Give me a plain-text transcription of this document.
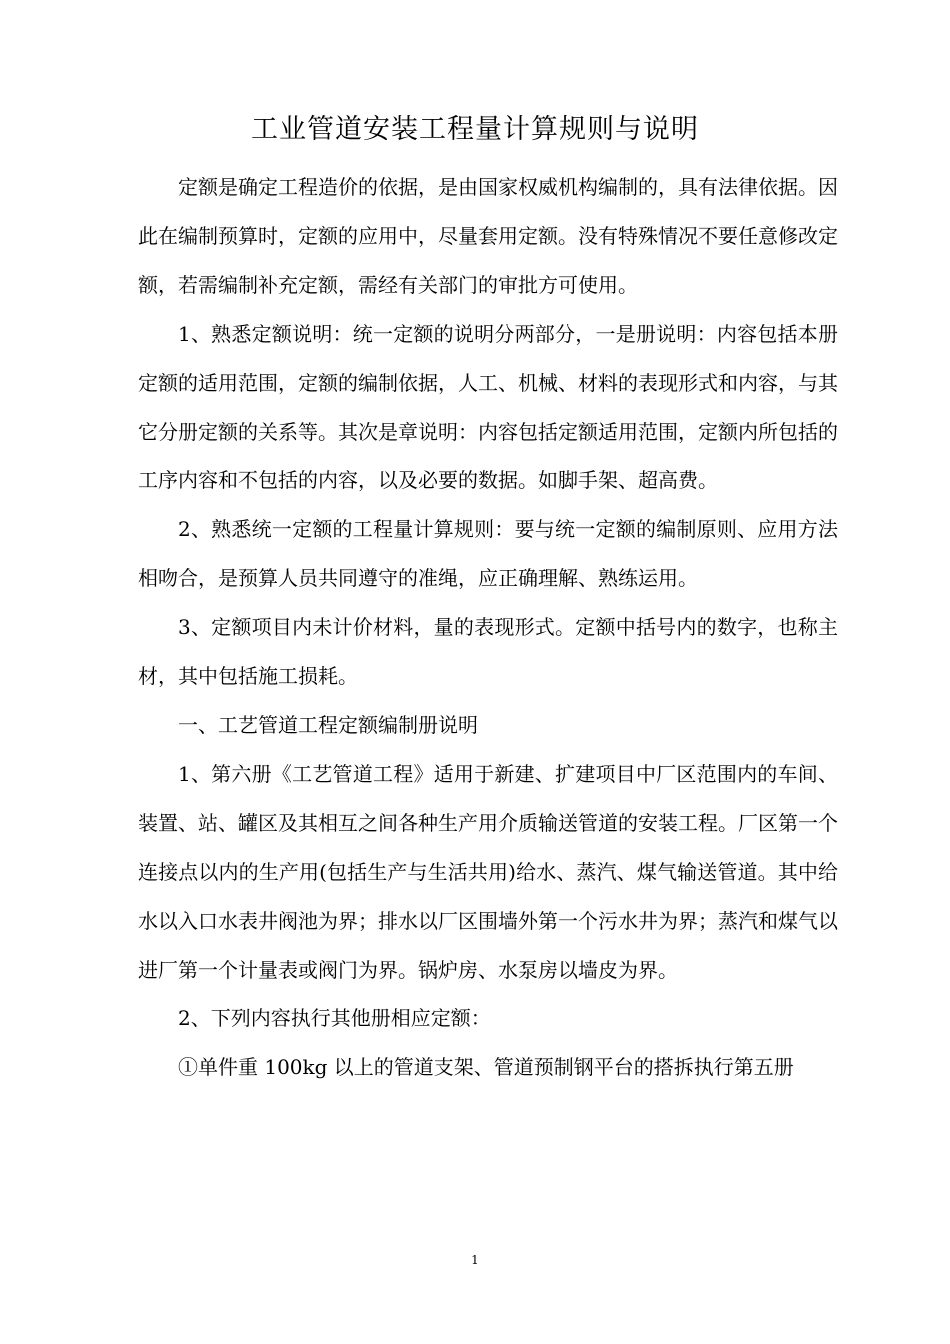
工业管道安装工程量计算规则与说明

定额是确定工程造价的依据，是由国家权威机构编制的，具有法律依据。因此在编制预算时，定额的应用中，尽量套用定额。没有特殊情况不要任意修改定额，若需编制补充定额，需经有关部门的审批方可使用。

1、熟悉定额说明：统一定额的说明分两部分，一是册说明：内容包括本册定额的适用范围，定额的编制依据，人工、机械、材料的表现形式和内容，与其它分册定额的关系等。其次是章说明：内容包括定额适用范围，定额内所包括的工序内容和不包括的内容，以及必要的数据。如脚手架、超高费。

2、熟悉统一定额的工程量计算规则：要与统一定额的编制原则、应用方法相吻合，是预算人员共同遵守的准绳，应正确理解、熟练运用。

3、定额项目内未计价材料，量的表现形式。定额中括号内的数字，也称主材，其中包括施工损耗。

一、工艺管道工程定额编制册说明

1、第六册《工艺管道工程》适用于新建、扩建项目中厂区范围内的车间、装置、站、罐区及其相互之间各种生产用介质输送管道的安装工程。厂区第一个连接点以内的生产用(包括生产与生活共用)给水、蒸汽、煤气输送管道。其中给水以入口水表井阀池为界；排水以厂区围墙外第一个污水井为界；蒸汽和煤气以进厂第一个计量表或阀门为界。锅炉房、水泵房以墙皮为界。

2、下列内容执行其他册相应定额：

①单件重 100kg 以上的管道支架、管道预制钢平台的搭拆执行第五册

1
